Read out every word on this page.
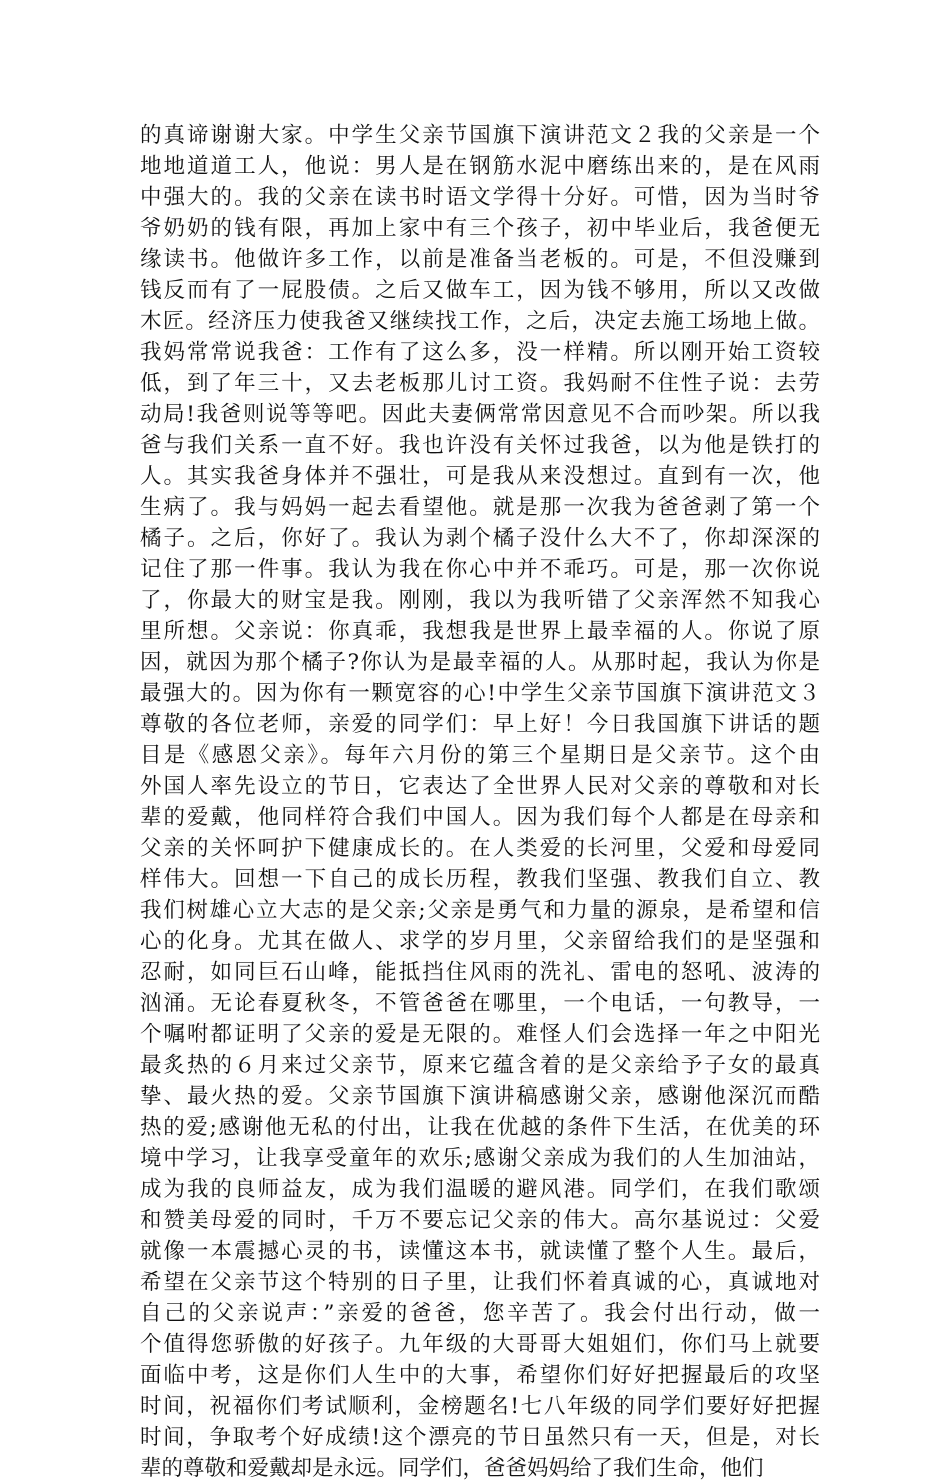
的真谛谢谢大家。中学生父亲节国旗下演讲范文２我的父亲是一个
地地道道工人，他说：男人是在钢筋水泥中磨练出来的，是在风雨
中强大的。我的父亲在读书时语文学得十分好。可惜，因为当时爷
爷奶奶的钱有限，再加上家中有三个孩子，初中毕业后，我爸便无
缘读书。他做许多工作，以前是准备当老板的。可是，不但没赚到
钱反而有了一屁股债。之后又做车工，因为钱不够用，所以又改做
木匠。经济压力使我爸又继续找工作，之后，决定去施工场地上做。
我妈常常说我爸：工作有了这么多，没一样精。所以刚开始工资较
低，到了年三十，又去老板那儿讨工资。我妈耐不住性子说：去劳
动局!我爸则说等等吧。因此夫妻俩常常因意见不合而吵架。所以我
爸与我们关系一直不好。我也许没有关怀过我爸，以为他是铁打的
人。其实我爸身体并不强壮，可是我从来没想过。直到有一次，他
生病了。我与妈妈一起去看望他。就是那一次我为爸爸剥了第一个
橘子。之后，你好了。我认为剥个橘子没什么大不了，你却深深的
记住了那一件事。我认为我在你心中并不乖巧。可是，那一次你说
了，你最大的财宝是我。刚刚，我以为我听错了父亲浑然不知我心
里所想。父亲说：你真乖，我想我是世界上最幸福的人。你说了原
因，就因为那个橘子?你认为是最幸福的人。从那时起，我认为你是
最强大的。因为你有一颗宽容的心!中学生父亲节国旗下演讲范文３
尊敬的各位老师，亲爱的同学们：早上好！今日我国旗下讲话的题
目是《感恩父亲》。每年六月份的第三个星期日是父亲节。这个由
外国人率先设立的节日，它表达了全世界人民对父亲的尊敬和对长
辈的爱戴，他同样符合我们中国人。因为我们每个人都是在母亲和
父亲的关怀呵护下健康成长的。在人类爱的长河里，父爱和母爱同
样伟大。回想一下自己的成长历程，教我们坚强、教我们自立、教
我们树雄心立大志的是父亲;父亲是勇气和力量的源泉，是希望和信
心的化身。尤其在做人、求学的岁月里，父亲留给我们的是坚强和
忍耐，如同巨石山峰，能抵挡住风雨的洗礼、雷电的怒吼、波涛的
汹涌。无论春夏秋冬，不管爸爸在哪里，一个电话，一句教导，一
个嘱咐都证明了父亲的爱是无限的。难怪人们会选择一年之中阳光
最炙热的６月来过父亲节，原来它蕴含着的是父亲给予子女的最真
挚、最火热的爱。父亲节国旗下演讲稿感谢父亲，感谢他深沉而酷
热的爱;感谢他无私的付出，让我在优越的条件下生活，在优美的环
境中学习，让我享受童年的欢乐;感谢父亲成为我们的人生加油站，
成为我的良师益友，成为我们温暖的避风港。同学们，在我们歌颂
和赞美母爱的同时，千万不要忘记父亲的伟大。高尔基说过：父爱
就像一本震撼心灵的书，读懂这本书，就读懂了整个人生。最后，
希望在父亲节这个特别的日子里，让我们怀着真诚的心，真诚地对
自己的父亲说声：”亲爱的爸爸，您辛苦了。我会付出行动，做一
个值得您骄傲的好孩子。九年级的大哥哥大姐姐们，你们马上就要
面临中考，这是你们人生中的大事，希望你们好好把握最后的攻坚
时间，祝福你们考试顺利，金榜题名!七八年级的同学们要好好把握
时间，争取考个好成绩!这个漂亮的节日虽然只有一天，但是，对长
辈的尊敬和爱戴却是永远。同学们，爸爸妈妈给了我们生命，他们
